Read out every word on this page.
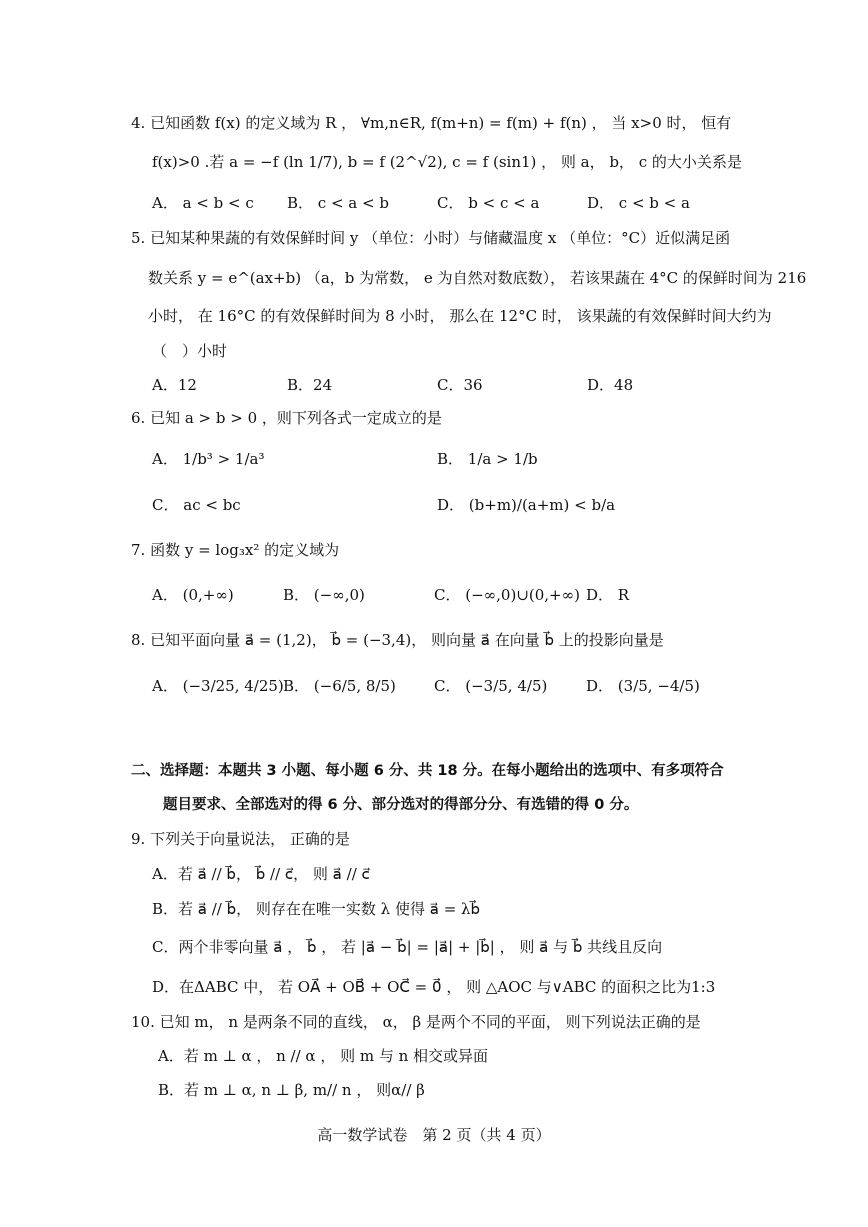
4. 已知函数 f(x) 的定义域为 R ， ∀m,n∈R, f(m+n) = f(m) + f(n) ， 当 x>0 时， 恒有
f(x)>0 .若 a = −f (ln 1/7), b = f (2^√2), c = f (sin1) ， 则 a， b， c 的大小关系是
A． a < b < c B． c < a < b	C． b < c < a	D． c < b < a
5. 已知某种果蔬的有效保鲜时间 y （单位：小时）与储藏温度 x （单位：°C）近似满足函
数关系 y = e^(ax+b) （a，b 为常数， e 为自然对数底数）， 若该果蔬在 4°C 的保鲜时间为 216
小时， 在 16°C 的有效保鲜时间为 8 小时， 那么在 12°C 时， 该果蔬的有效保鲜时间大约为
（　）小时
A．12	B．24	C．36	D．48
6. 已知 a > b > 0 ，则下列各式一定成立的是
A． 1/b³ > 1/a³	B． 1/a > 1/b
C． ac < bc	D． (b+m)/(a+m) < b/a
7. 函数 y = log₃x² 的定义域为
A． (0,+∞)	B． (−∞,0)	C． (−∞,0)∪(0,+∞) D． R
8. 已知平面向量 a⃗ = (1,2)， b⃗ = (−3,4)， 则向量 a⃗ 在向量 b⃗ 上的投影向量是
A． (−3/25, 4/25) B． (−6/5, 8/5)	C． (−3/5, 4/5)	D． (3/5, −4/5)
二、选择题：本题共 3 小题、每小题 6 分、共 18 分。在每小题给出的选项中、有多项符合
题目要求、全部选对的得 6 分、部分选对的得部分分、有选错的得 0 分。
9. 下列关于向量说法， 正确的是
A．若 a⃗ // b⃗， b⃗ // c⃗， 则 a⃗ // c⃗
B．若 a⃗ // b⃗， 则存在在唯一实数 λ 使得 a⃗ = λb⃗
C．两个非零向量 a⃗ ， b⃗ ， 若 |a⃗ − b⃗| = |a⃗| + |b⃗| ， 则 a⃗ 与 b⃗ 共线且反向
D．在ΔABC 中， 若 OA⃗ + OB⃗ + OC⃗ = 0⃗ ， 则 △AOC 与∨ABC 的面积之比为1:3
10. 已知 m， n 是两条不同的直线， α， β 是两个不同的平面， 则下列说法正确的是
A．若 m ⊥ α ， n // α ， 则 m 与 n 相交或异面
B．若 m ⊥ α, n ⊥ β, m// n ， 则α// β
高一数学试卷　第 2 页（共 4 页）
